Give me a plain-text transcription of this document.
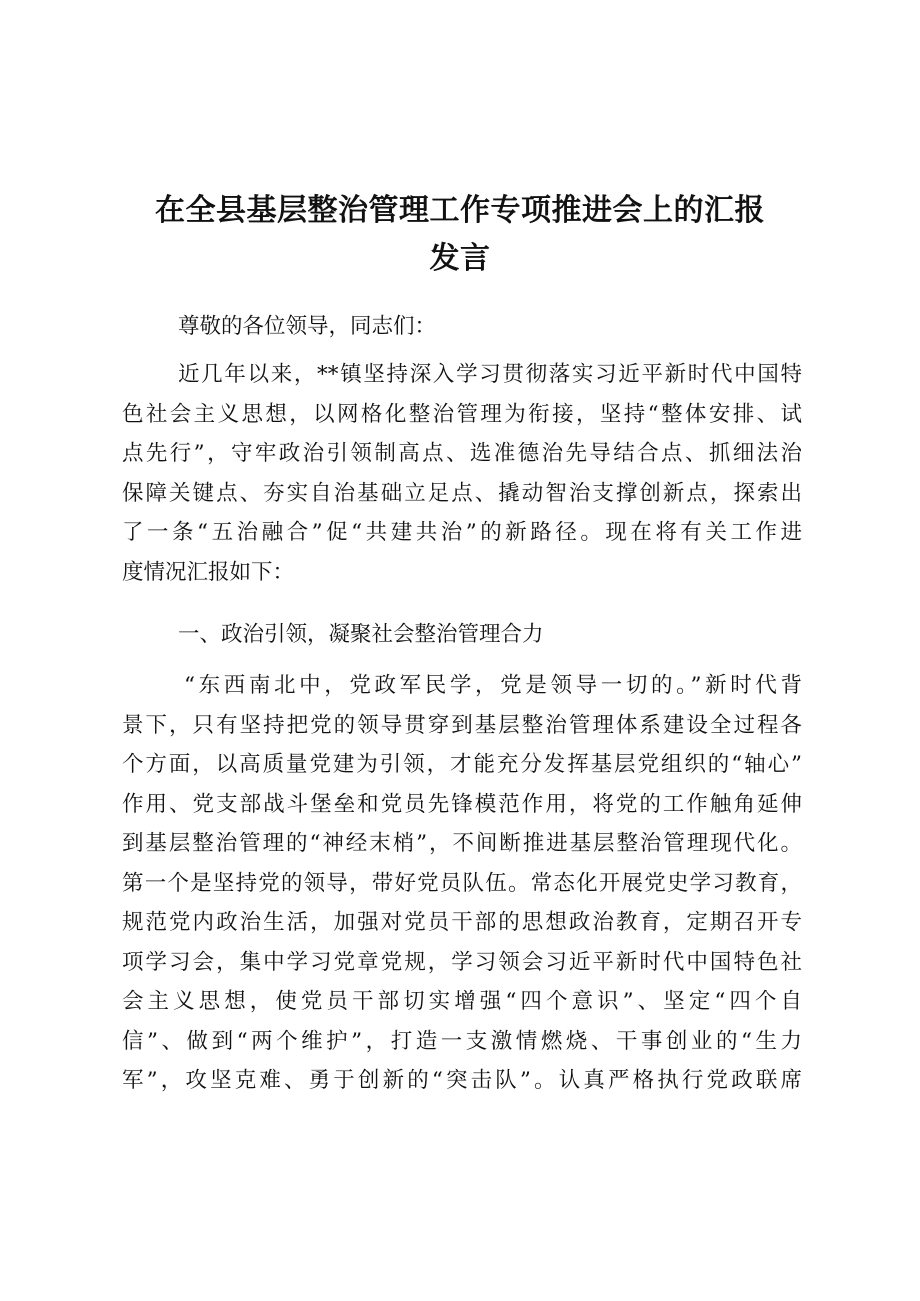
在全县基层整治管理工作专项推进会上的汇报
发言

尊敬的各位领导，同志们：

近几年以来，**镇坚持深入学习贯彻落实习近平新时代中国特
色社会主义思想，以网格化整治管理为衔接，坚持“整体安排、试
点先行”，守牢政治引领制高点、选准德治先导结合点、抓细法治
保障关键点、夯实自治基础立足点、撬动智治支撑创新点，探索出
了一条“五治融合”促“共建共治”的新路径。现在将有关工作进
度情况汇报如下：

一、政治引领，凝聚社会整治管理合力

“东西南北中，党政军民学，党是领导一切的。”新时代背
景下，只有坚持把党的领导贯穿到基层整治管理体系建设全过程各
个方面，以高质量党建为引领，才能充分发挥基层党组织的“轴心”
作用、党支部战斗堡垒和党员先锋模范作用，将党的工作触角延伸
到基层整治管理的“神经末梢”，不间断推进基层整治管理现代化。
第一个是坚持党的领导，带好党员队伍。常态化开展党史学习教育，
规范党内政治生活，加强对党员干部的思想政治教育，定期召开专
项学习会，集中学习党章党规，学习领会习近平新时代中国特色社
会主义思想，使党员干部切实增强“四个意识”、坚定“四个自
信”、做到“两个维护”，打造一支激情燃烧、干事创业的“生力
军”，攻坚克难、勇于创新的“突击队”。认真严格执行党政联席
